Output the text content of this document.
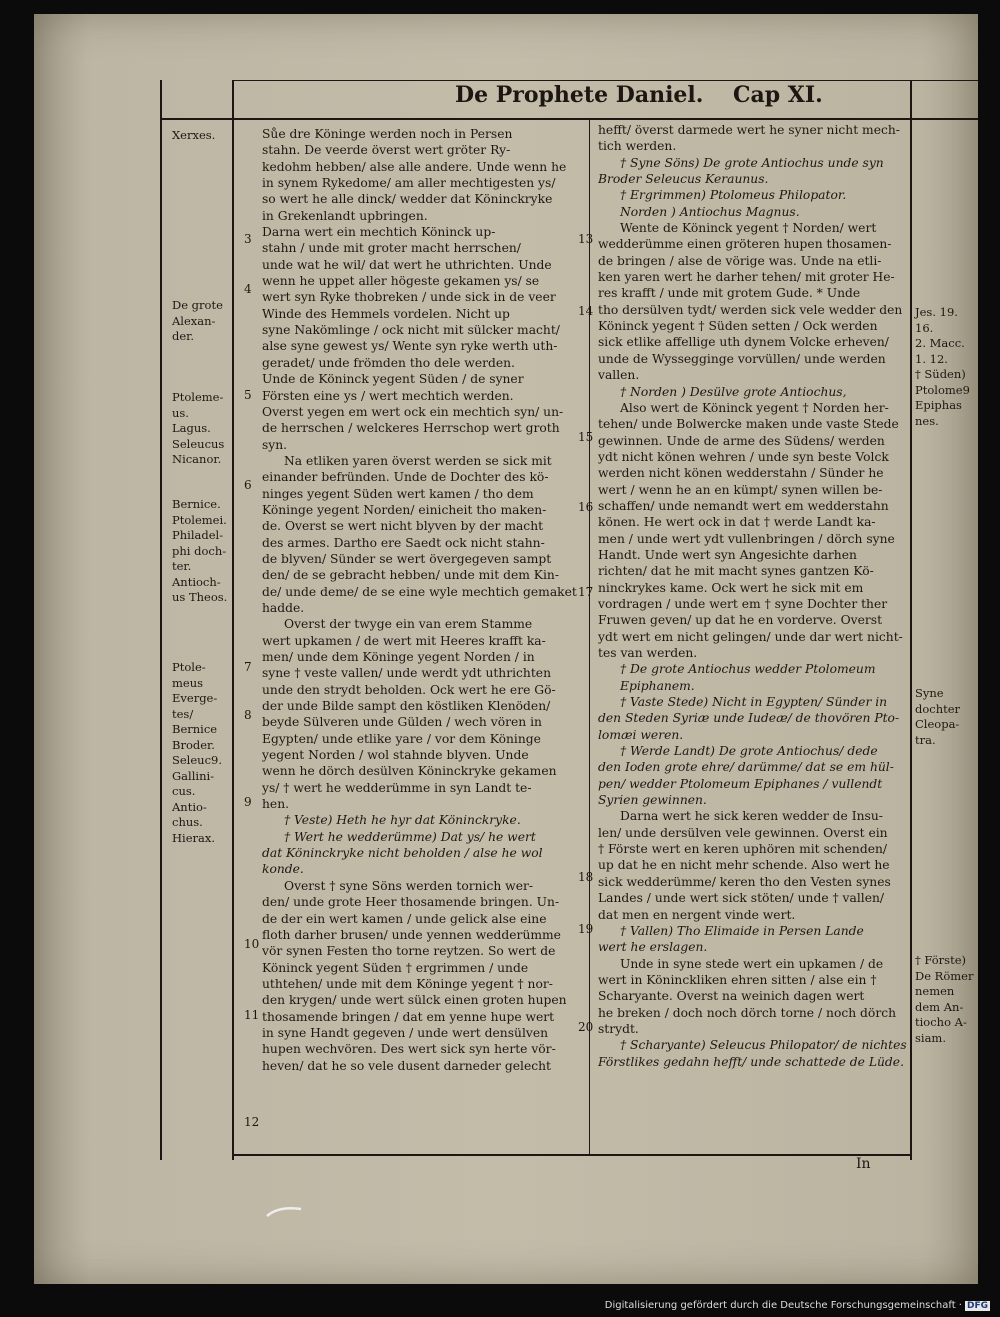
De Prophete Daniel. Cap XI.
Xerxes.
De grote
Alexan-
der.
Ptoleme-
us.
Lagus.
Seleucus
Nicanor.
Bernice.
Ptolemei.
Philadel-
phi doch-
ter.
Antioch-
us Theos.
Ptole-
meus
Everge-
tes/
Bernice
Broder.
Seleuc9.
Gallini-
cus.
Antio-
chus.
Hierax.
Jes. 19.
16.
2. Macc.
1. 12.
† Süden)
Ptolome9
Epiphas
nes.
Syne
dochter
Cleopa-
tra.
† Förste)
De Römer
nemen
dem An-
tiocho A-
siam.
3
4
5
6
7
8
9
10
11
12
13
14
15
16
17
18
19
20

Sůe dre Köninge werden noch in Persen

stahn. De veerde överst wert gröter Ry-

kedohm hebben/ alse alle andere. Unde wenn he

in synem Rykedome/ am aller mechtigesten ys/

so wert he alle dinck/ wedder dat Köninckryke

in Grekenlandt upbringen.

Darna wert ein mechtich Köninck up-

stahn / unde mit groter macht herrschen/

unde wat he wil/ dat wert he uthrichten. Unde

wenn he uppet aller högeste gekamen ys/ se

wert syn Ryke thobreken / unde sick in de veer

Winde des Hemmels vordelen. Nicht up

syne Nakömlinge / ock nicht mit sülcker macht/

alse syne gewest ys/ Wente syn ryke werth uth-

geradet/ unde frömden tho dele werden.

Unde de Köninck yegent Süden / de syner

Försten eine ys / wert mechtich werden.

Overst yegen em wert ock ein mechtich syn/ un-

de herrschen / welckeres Herrschop wert groth

syn.

Na etliken yaren överst werden se sick mit

einander befründen. Unde de Dochter des kö-

ninges yegent Süden wert kamen / tho dem

Köninge yegent Norden/ einicheit tho maken-

de. Overst se wert nicht blyven by der macht

des armes. Dartho ere Saedt ock nicht stahn-

de blyven/ Sünder se wert övergegeven sampt

den/ de se gebracht hebben/ unde mit dem Kin-

de/ unde deme/ de se eine wyle mechtich gemaket

hadde.

Overst der twyge ein van erem Stamme

wert upkamen / de wert mit Heeres krafft ka-

men/ unde dem Köninge yegent Norden / in

syne † veste vallen/ unde werdt ydt uthrichten

unde den strydt beholden. Ock wert he ere Gö-

der unde Bilde sampt den köstliken Klenöden/

beyde Sülveren unde Gülden / wech vören in

Egypten/ unde etlike yare / vor dem Köninge

yegent Norden / wol stahnde blyven. Unde

wenn he dörch desülven Köninckryke gekamen

ys/ † wert he wedderümme in syn Landt te-

hen.

† Veste) Heth he hyr dat Köninckryke.

† Wert he wedderümme) Dat ys/ he wert

dat Köninckryke nicht beholden / alse he wol

konde.

Overst † syne Söns werden tornich wer-

den/ unde grote Heer thosamende bringen. Un-

de der ein wert kamen / unde gelick alse eine

floth darher brusen/ unde yennen wedderümme

vör synen Festen tho torne reytzen. So wert de

Köninck yegent Süden † ergrimmen / unde

uthtehen/ unde mit dem Köninge yegent † nor-

den krygen/ unde wert sülck einen groten hupen

thosamende bringen / dat em yenne hupe wert

in syne Handt gegeven / unde wert densülven

hupen wechvören. Des wert sick syn herte vör-

heven/ dat he so vele dusent darneder gelecht

hefft/ överst darmede wert he syner nicht mech-

tich werden.

† Syne Söns) De grote Antiochus unde syn

Broder Seleucus Keraunus.

† Ergrimmen) Ptolomeus Philopator.

Norden ) Antiochus Magnus.

Wente de Köninck yegent † Norden/ wert

wedderümme einen gröteren hupen thosamen-

de bringen / alse de vörige was. Unde na etli-

ken yaren wert he darher tehen/ mit groter He-

res krafft / unde mit grotem Gude. * Unde

tho dersülven tydt/ werden sick vele wedder den

Köninck yegent † Süden setten / Ock werden

sick etlike affellige uth dynem Volcke erheven/

unde de Wyssegginge vorvüllen/ unde werden

vallen.

† Norden ) Desülve grote Antiochus,

Also wert de Köninck yegent † Norden her-

tehen/ unde Bolwercke maken unde vaste Stede

gewinnen. Unde de arme des Südens/ werden

ydt nicht könen wehren / unde syn beste Volck

werden nicht könen wedderstahn / Sünder he

wert / wenn he an en kümpt/ synen willen be-

schaffen/ unde nemandt wert em wedderstahn

könen. He wert ock in dat † werde Landt ka-

men / unde wert ydt vullenbringen / dörch syne

Handt. Unde wert syn Angesichte darhen

richten/ dat he mit macht synes gantzen Kö-

ninckrykes kame. Ock wert he sick mit em

vordragen / unde wert em † syne Dochter ther

Fruwen geven/ up dat he en vorderve. Overst

ydt wert em nicht gelingen/ unde dar wert nicht-

tes van werden.

† De grote Antiochus wedder Ptolomeum

Epiphanem.

† Vaste Stede) Nicht in Egypten/ Sünder in

den Steden Syriæ unde Iudeæ/ de thovören Pto-

lomæi weren.

† Werde Landt) De grote Antiochus/ dede

den Ioden grote ehre/ darümme/ dat se em hül-

pen/ wedder Ptolomeum Epiphanes / vullendt

Syrien gewinnen.

Darna wert he sick keren wedder de Insu-

len/ unde dersülven vele gewinnen. Overst ein

† Förste wert en keren uphören mit schenden/

up dat he en nicht mehr schende. Also wert he

sick wedderümme/ keren tho den Vesten synes

Landes / unde wert sick stöten/ unde † vallen/

dat men en nergent vinde wert.

† Vallen) Tho Elimaide in Persen Lande

wert he erslagen.

Unde in syne stede wert ein upkamen / de

wert in Köninckliken ehren sitten / alse ein †

Scharyante. Overst na weinich dagen wert

he breken / doch noch dörch torne / noch dörch

strydt.

† Scharyante) Seleucus Philopator/ de nichtes

Förstlikes gedahn hefft/ unde schattede de Lüde.

In
Digitalisierung gefördert durch die Deutsche Forschungsgemeinschaft · DFG
